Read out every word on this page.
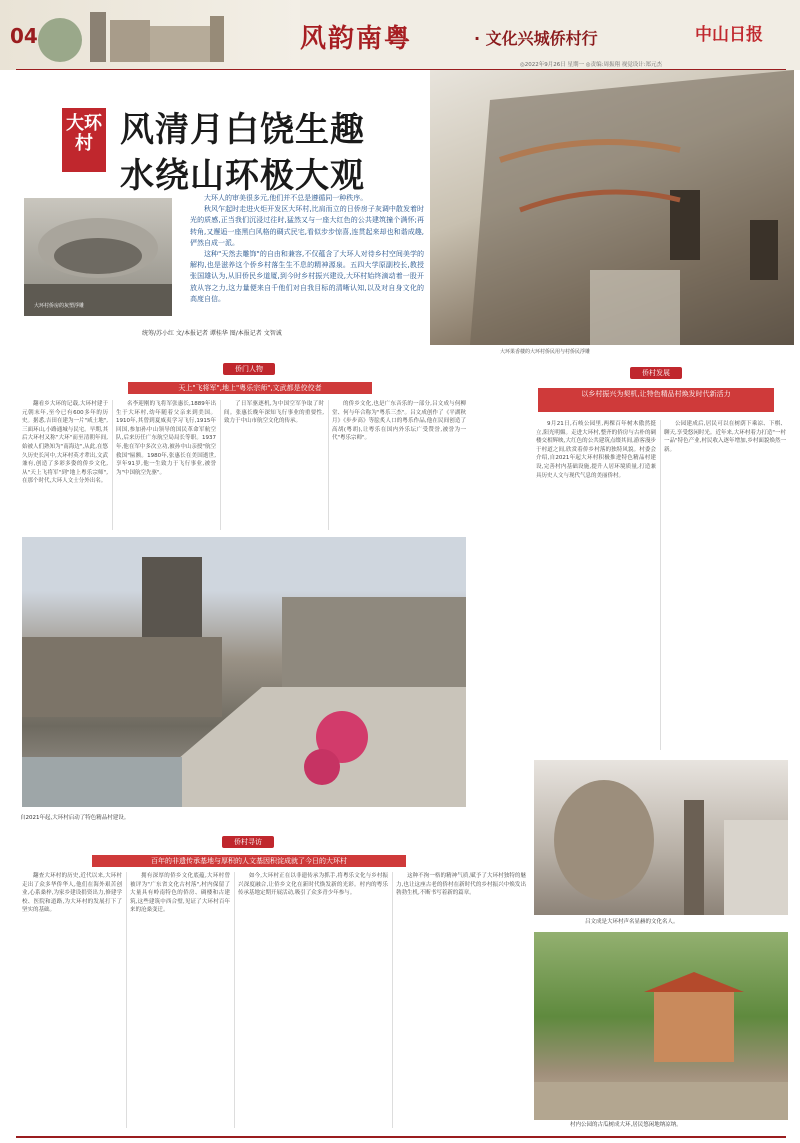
04	风韵南粤	· 文化兴城侨村行	中山日报
◎2022年9月26日 星期一 ◎责编:周振翔 视觉设计:郑元杰
大环村 风清月白饶生趣
水绕山环极大观
大环果香楼的大环村侨民用与村侨民浮雕
大环村侨房的灰塑浮雕

大环人的审美很多元,他们并不总是遵循同一种秩序。

秋风乍起时走进火炬开发区大环村,比肩而立的日侨房子灰调中散发着时光的质感,正当我们沉浸过往时,猛然又与一座大红色的公共建筑撞个满怀;再转角,又邂逅一座黑白风格的碉式民宅,看似步步惊喜,连贯起来却也和谐成趣,俨然自成一派。

这种"天然去雕饰"的自由和兼容,不仅蕴含了大环人对待乡村空间美学的解构,也是滋养这个侨乡村落生生不息的精神源泉。五四大学原副校长,教授张国雄认为,从旧侨民乡道厦,到今时乡村振兴建设,大环村始终滴动着一股开放从容之力,这力量便来自千他们对自我目标的清晰认知,以及对自身文化的高度自信。

统筹/苏小红 文/本报记者 谭桂华 图/本报记者 文智诚
侨门人物
天上"飞将军",地上"粤乐宗师",文武都是佼佼者

翻看乡大环的记载,大环村建于元朝末年,至今已有600多年的历史。据悉,吉田在建为一片"咸土地",三面环山,小路通城与民宅。早期,其后大环村又称"大环"而至清朝年间,始被人们熟知为"南海边",从此,在悠久历史长河中,大环村英才辈出,文武兼有,创造了多彩多姿的侨乡文化,从"天上飞将军"到"地上粤乐宗师",在那个时代,大环人文士分外出名。

名李迎刚的飞将军张惠长,1889年出生于大环村,幼年随着父亲来到美国。1910年,其曾到夏威夷学习飞行,1915年回国,参加孙中山领导的国民革命军航空队,后来历任广东航空局局长等职。1937年,他在军中多次立功,被孙中山亲授"航空救国"匾额。1980年,张惠长在美国逝世,享年91岁,他一生致力于飞行事业,被誉为"中国航空先驱"。

了日军驱逐机,为中国空军争取了时间。张惠长晚年深知飞行事业的重要性,致力于中山市航空文化的传承。

的侨乡文化,也是广东音乐的一部分,吕文成与何柳堂、何与年合称为"粤乐三杰"。吕文成创作了《平湖秋月》《步步高》等脍炙人口的粤乐作品,他在民间创造了高胡(粤胡),让粤乐在国内外乐坛广受赞誉,被誉为一代"粤乐宗师"。

自2021年起,大环村启动了特色精品村建设。
侨村发展
以乡村振兴为契机,让特色精品村焕发时代新活力

9月21日,石岐公园里,两棵百年树木傲然挺立,阳光明媚。走进大环村,整齐的侨房与古朴的碉楼交相辉映,大红色的公共建筑点缀其间,游客漫步于村道之间,欣赏着侨乡村落的独特风貌。村委会介绍,自2021年起大环村积极推进特色精品村建设,完善村内基础设施,提升人居环境质量,打造兼具历史人文与现代气息的美丽侨村。

公园建成后,居民可以在树荫下乘凉、下棋、聊天,享受悠闲时光。近年来,大环村着力打造"一村一品"特色产业,村民收入逐年增加,乡村面貌焕然一新。

吕文成是大环村声名显赫的文化名人。
村内公园的古瓜树成大环,居民悠闲地纳凉纳。
侨村寻访
百年的非遗传承基地与厚积的人文基因积淀成就了今日的大环村

翻查大环村的历史,近代以来,大环村走出了众多华侨华人,他们在海外艰苦创业,心系桑梓,为家乡建设捐资出力,修建学校、医院和道路,为大环村的发展打下了坚实的基础。

拥有深厚的侨乡文化底蕴,大环村曾被评为"广东省文化古村落",村内保留了大量具有岭南特色的侨房、碉楼和古建筑,这些建筑中西合璧,见证了大环村百年来的沧桑变迁。

如今,大环村正在以非遗传承为抓手,将粤乐文化与乡村振兴深度融合,让侨乡文化在新时代焕发新的光彩。村内的粤乐传承基地定期开展活动,吸引了众多青少年参与。

这种不拘一格的精神气质,赋予了大环村独特的魅力,也让这座古老的侨村在新时代的乡村振兴中焕发出勃勃生机,不断书写着新的篇章。
